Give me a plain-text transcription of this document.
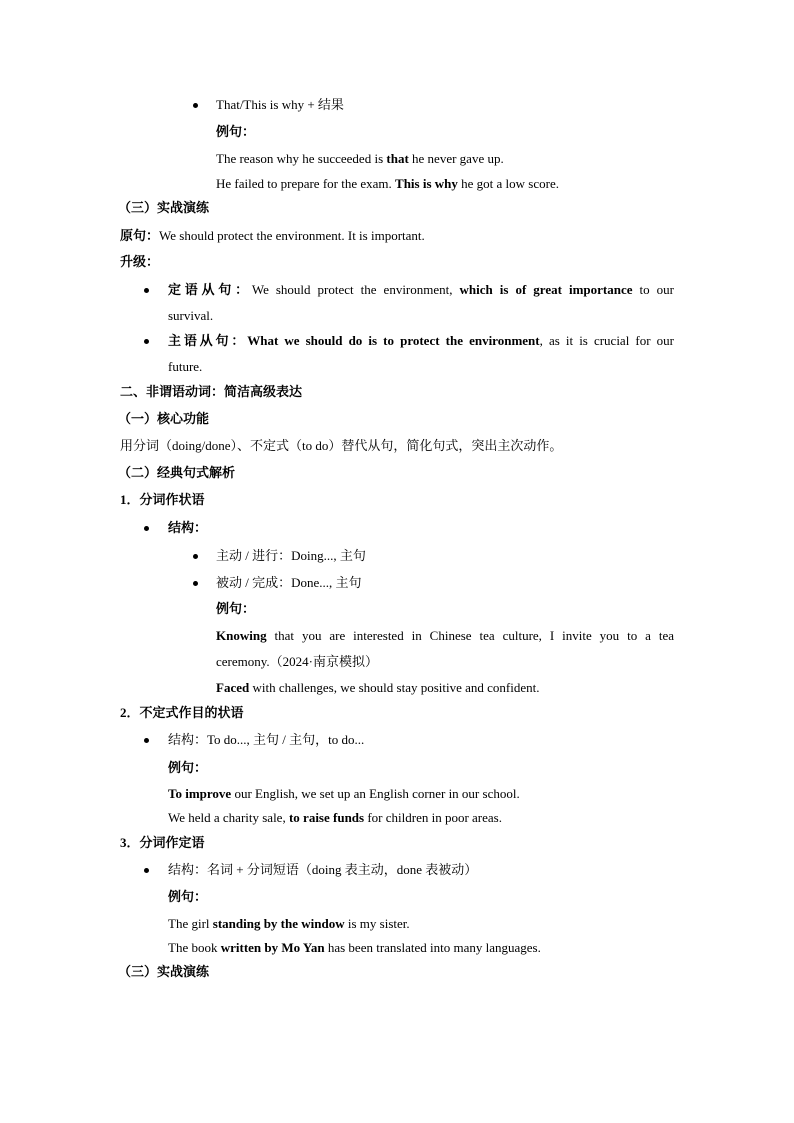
That/This is why + 结果
例句：
The reason why he succeeded is that he never gave up.
He failed to prepare for the exam. This is why he got a low score.
（三）实战演练
原句：We should protect the environment. It is important.
升级：
定语从句：We should protect the environment, which is of great importance to our
survival.
主语从句：What we should do is to protect the environment, as it is crucial for our
future.
二、非谓语动词：简洁高级表达
（一）核心功能
用分词（doing/done）、不定式（to do）替代从句，简化句式，突出主次动作。
（二）经典句式解析
1．分词作状语
结构：
主动 / 进行：Doing..., 主句
被动 / 完成：Done..., 主句
例句：
Knowing that you are interested in Chinese tea culture, I invite you to a tea
ceremony.（2024·南京模拟）
Faced with challenges, we should stay positive and confident.
2．不定式作目的状语
结构：To do..., 主句 / 主句，to do...
例句：
To improve our English, we set up an English corner in our school.
We held a charity sale, to raise funds for children in poor areas.
3．分词作定语
结构：名词 + 分词短语（doing 表主动，done 表被动）
例句：
The girl standing by the window is my sister.
The book written by Mo Yan has been translated into many languages.
（三）实战演练
